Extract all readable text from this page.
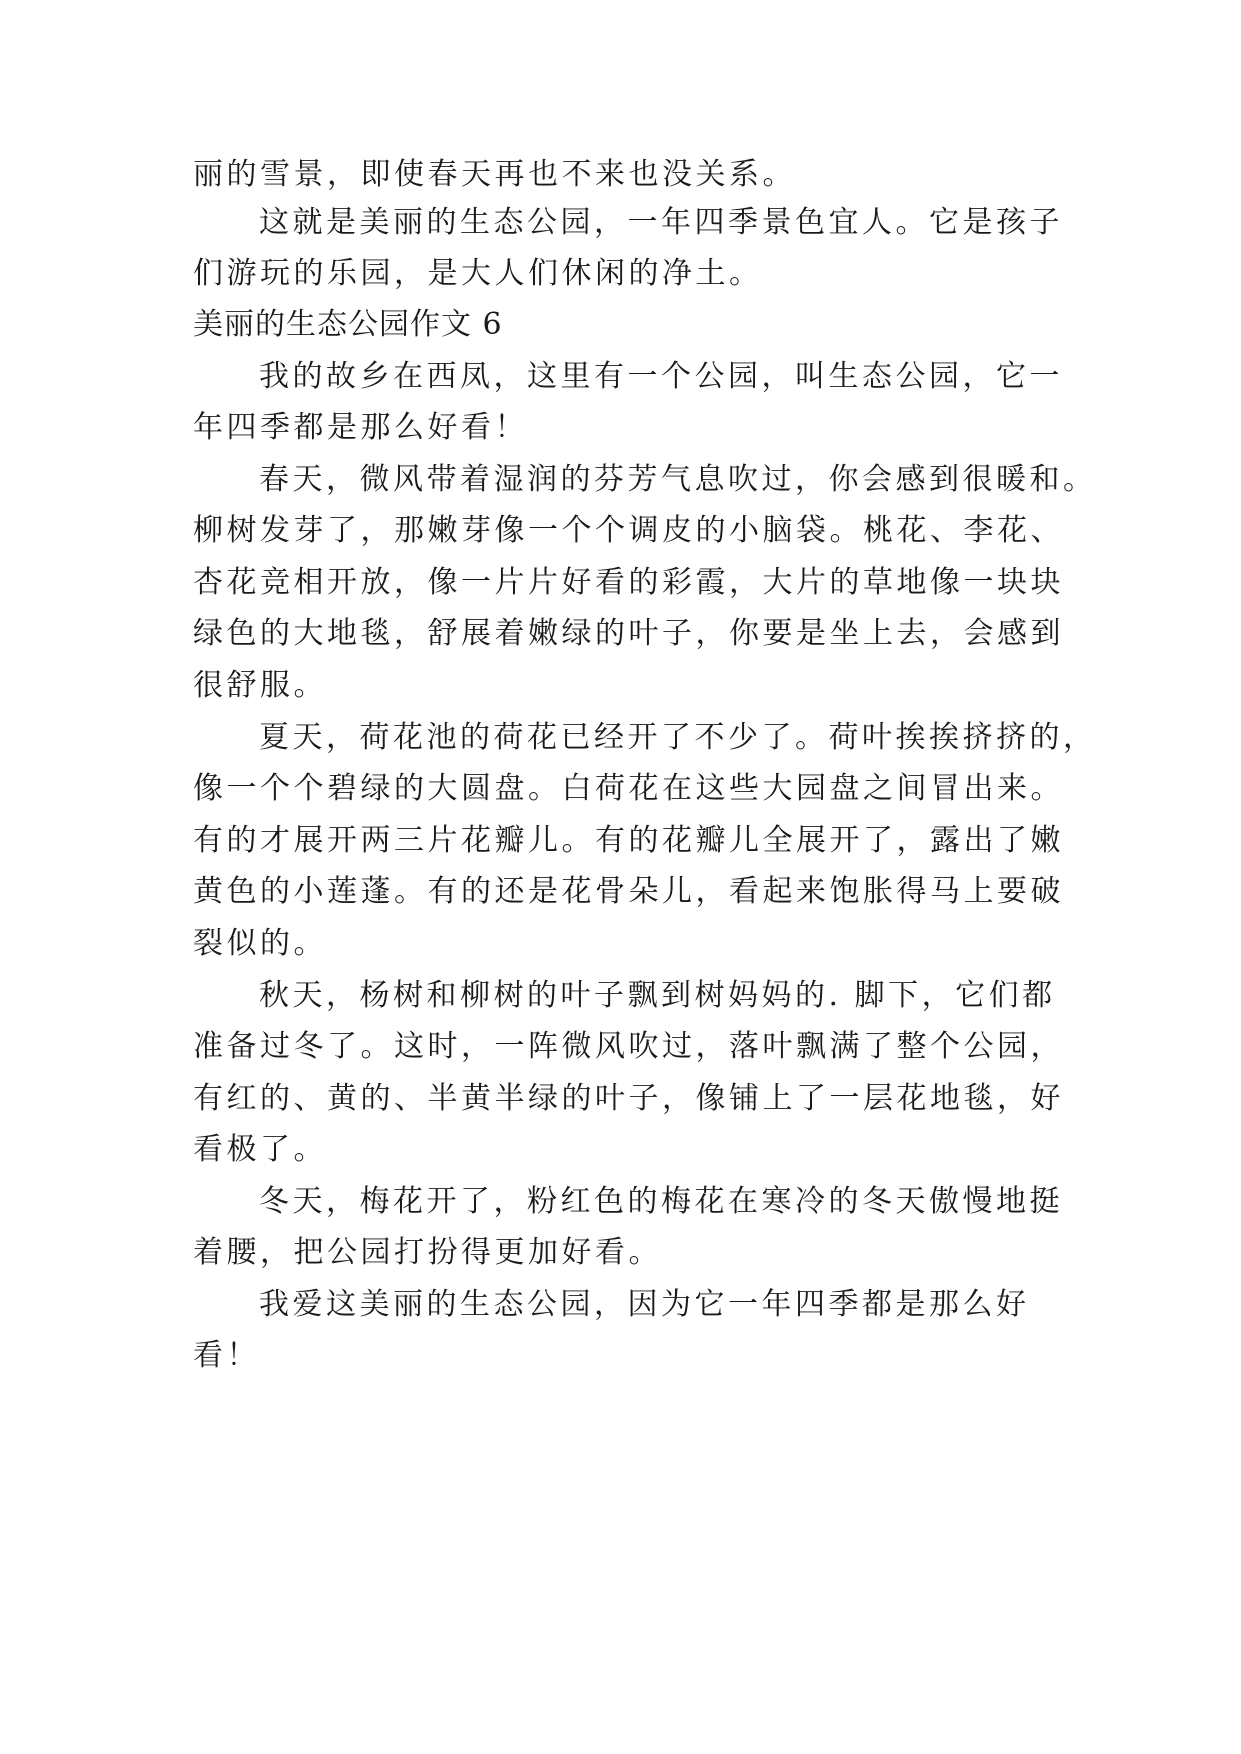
丽的雪景，即使春天再也不来也没关系。
这就是美丽的生态公园，一年四季景色宜人。它是孩子
们游玩的乐园，是大人们休闲的净土。
美丽的生态公园作文 6
我的故乡在西凤，这里有一个公园，叫生态公园，它一
年四季都是那么好看！
春天，微风带着湿润的芬芳气息吹过，你会感到很暖和。
柳树发芽了，那嫩芽像一个个调皮的小脑袋。桃花、李花、
杏花竞相开放，像一片片好看的彩霞，大片的草地像一块块
绿色的大地毯，舒展着嫩绿的叶子，你要是坐上去，会感到
很舒服。
夏天，荷花池的荷花已经开了不少了。荷叶挨挨挤挤的，
像一个个碧绿的大圆盘。白荷花在这些大园盘之间冒出来。
有的才展开两三片花瓣儿。有的花瓣儿全展开了，露出了嫩
黄色的小莲蓬。有的还是花骨朵儿，看起来饱胀得马上要破
裂似的。
秋天，杨树和柳树的叶子飘到树妈妈的. 脚下，它们都
准备过冬了。这时，一阵微风吹过，落叶飘满了整个公园，
有红的、黄的、半黄半绿的叶子，像铺上了一层花地毯，好
看极了。
冬天，梅花开了，粉红色的梅花在寒冷的冬天傲慢地挺
着腰，把公园打扮得更加好看。
我爱这美丽的生态公园，因为它一年四季都是那么好
看！
